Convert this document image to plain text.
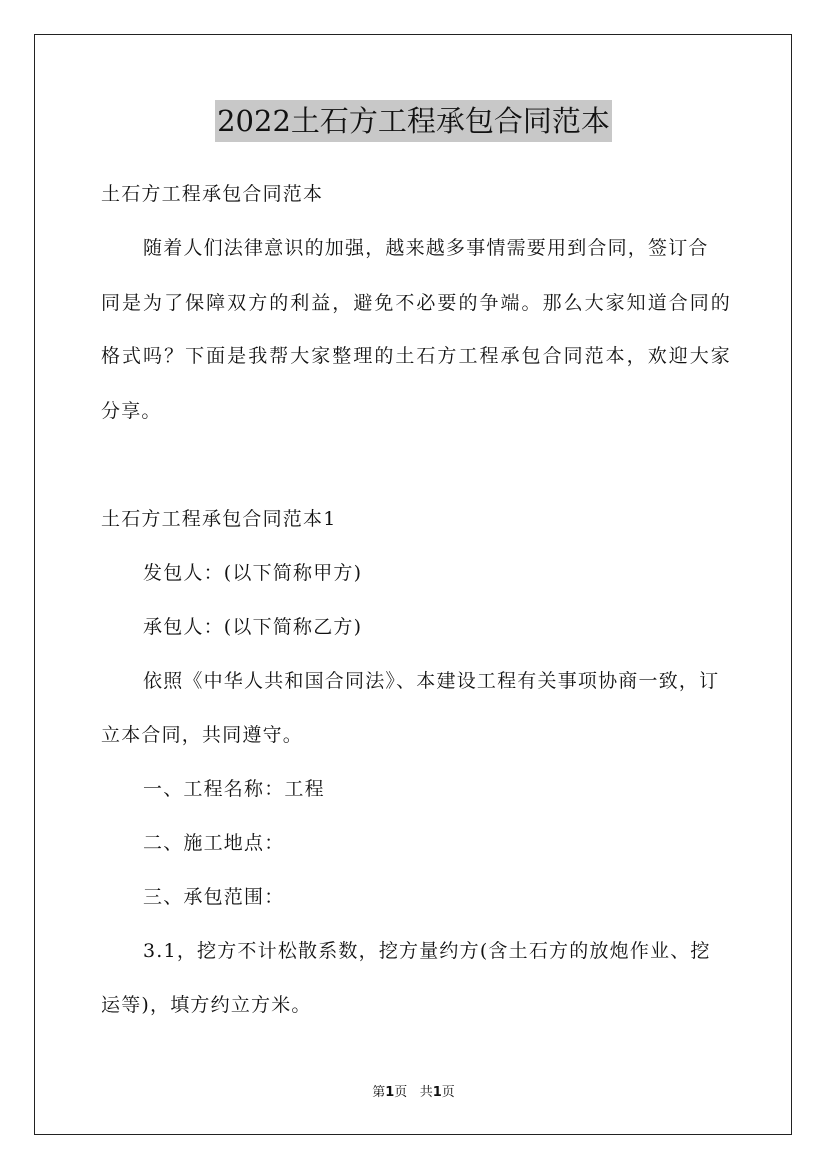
2022土石方工程承包合同范本
土石方工程承包合同范本
随着人们法律意识的加强，越来越多事情需要用到合同，签订合
同是为了保障双方的利益，避免不必要的争端。那么大家知道合同的
格式吗？下面是我帮大家整理的土石方工程承包合同范本，欢迎大家
分享。
土石方工程承包合同范本1
发包人：(以下简称甲方)
承包人：(以下简称乙方)
依照《中华人共和国合同法》、本建设工程有关事项协商一致，订
立本合同，共同遵守。
一、工程名称：工程
二、施工地点：
三、承包范围：
3.1，挖方不计松散系数，挖方量约方(含土石方的放炮作业、挖
运等)，填方约立方米。
第1页   共1页
